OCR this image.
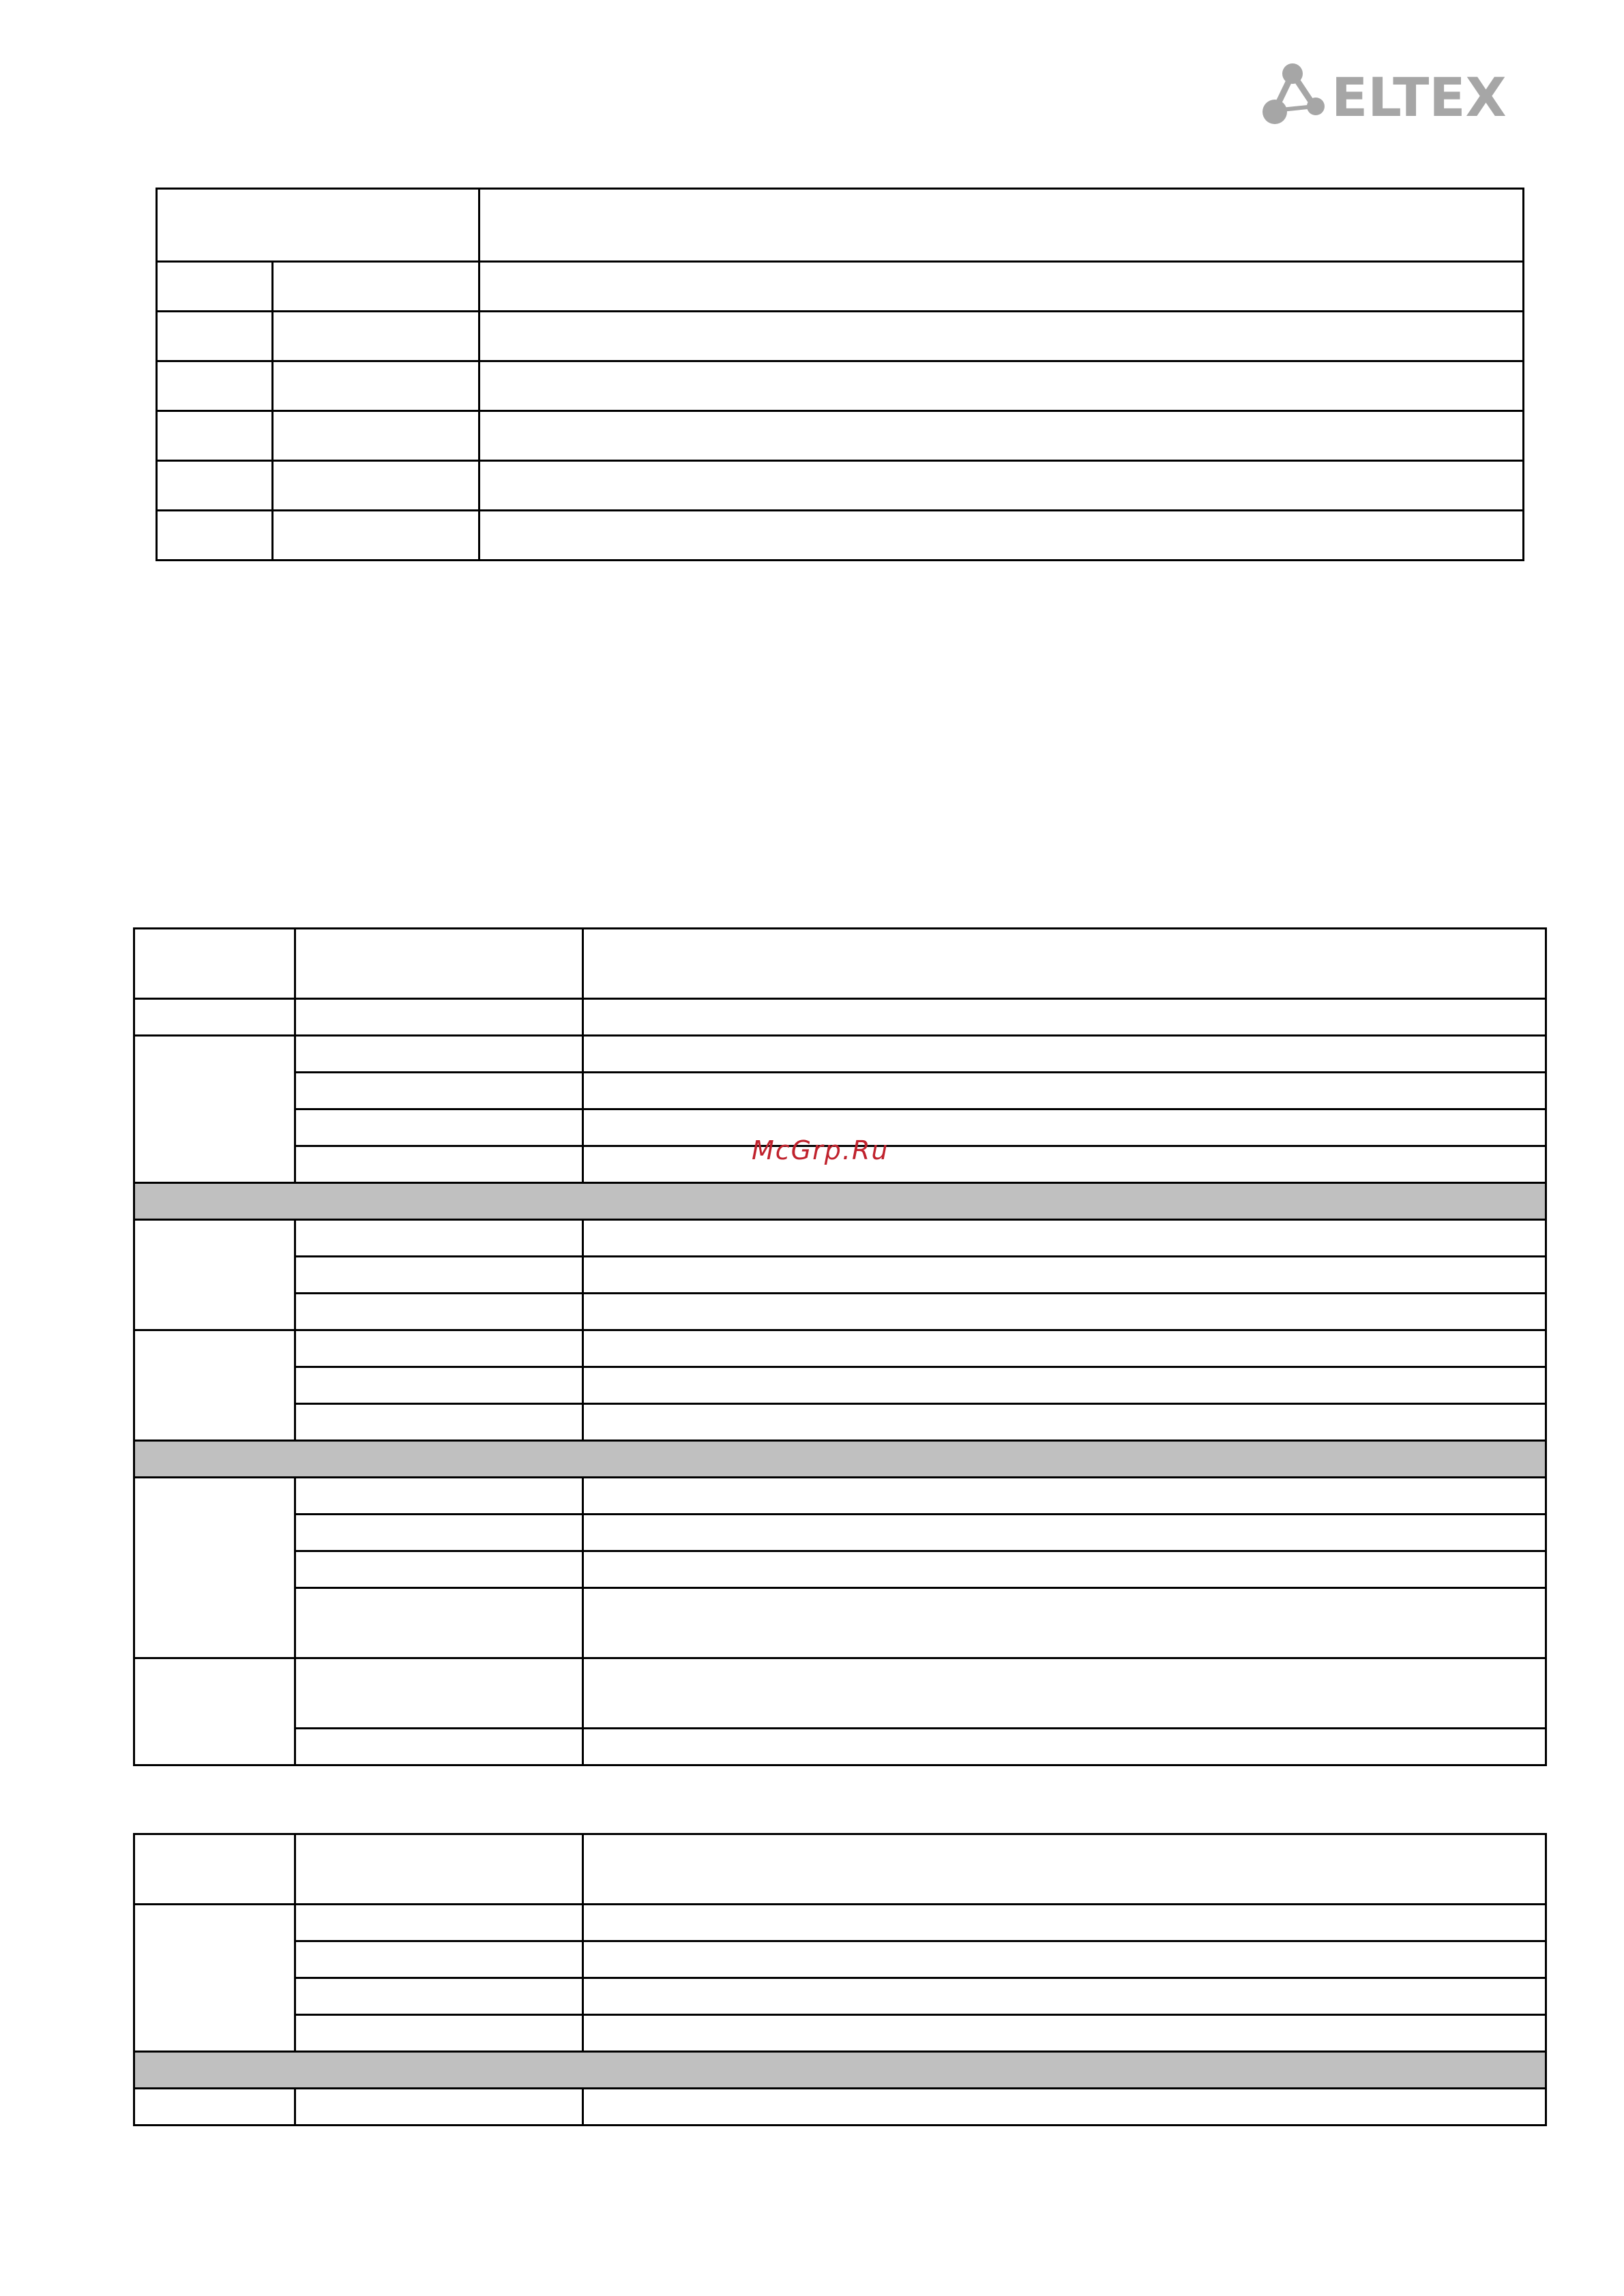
ELTEX

McGrp.Ru
